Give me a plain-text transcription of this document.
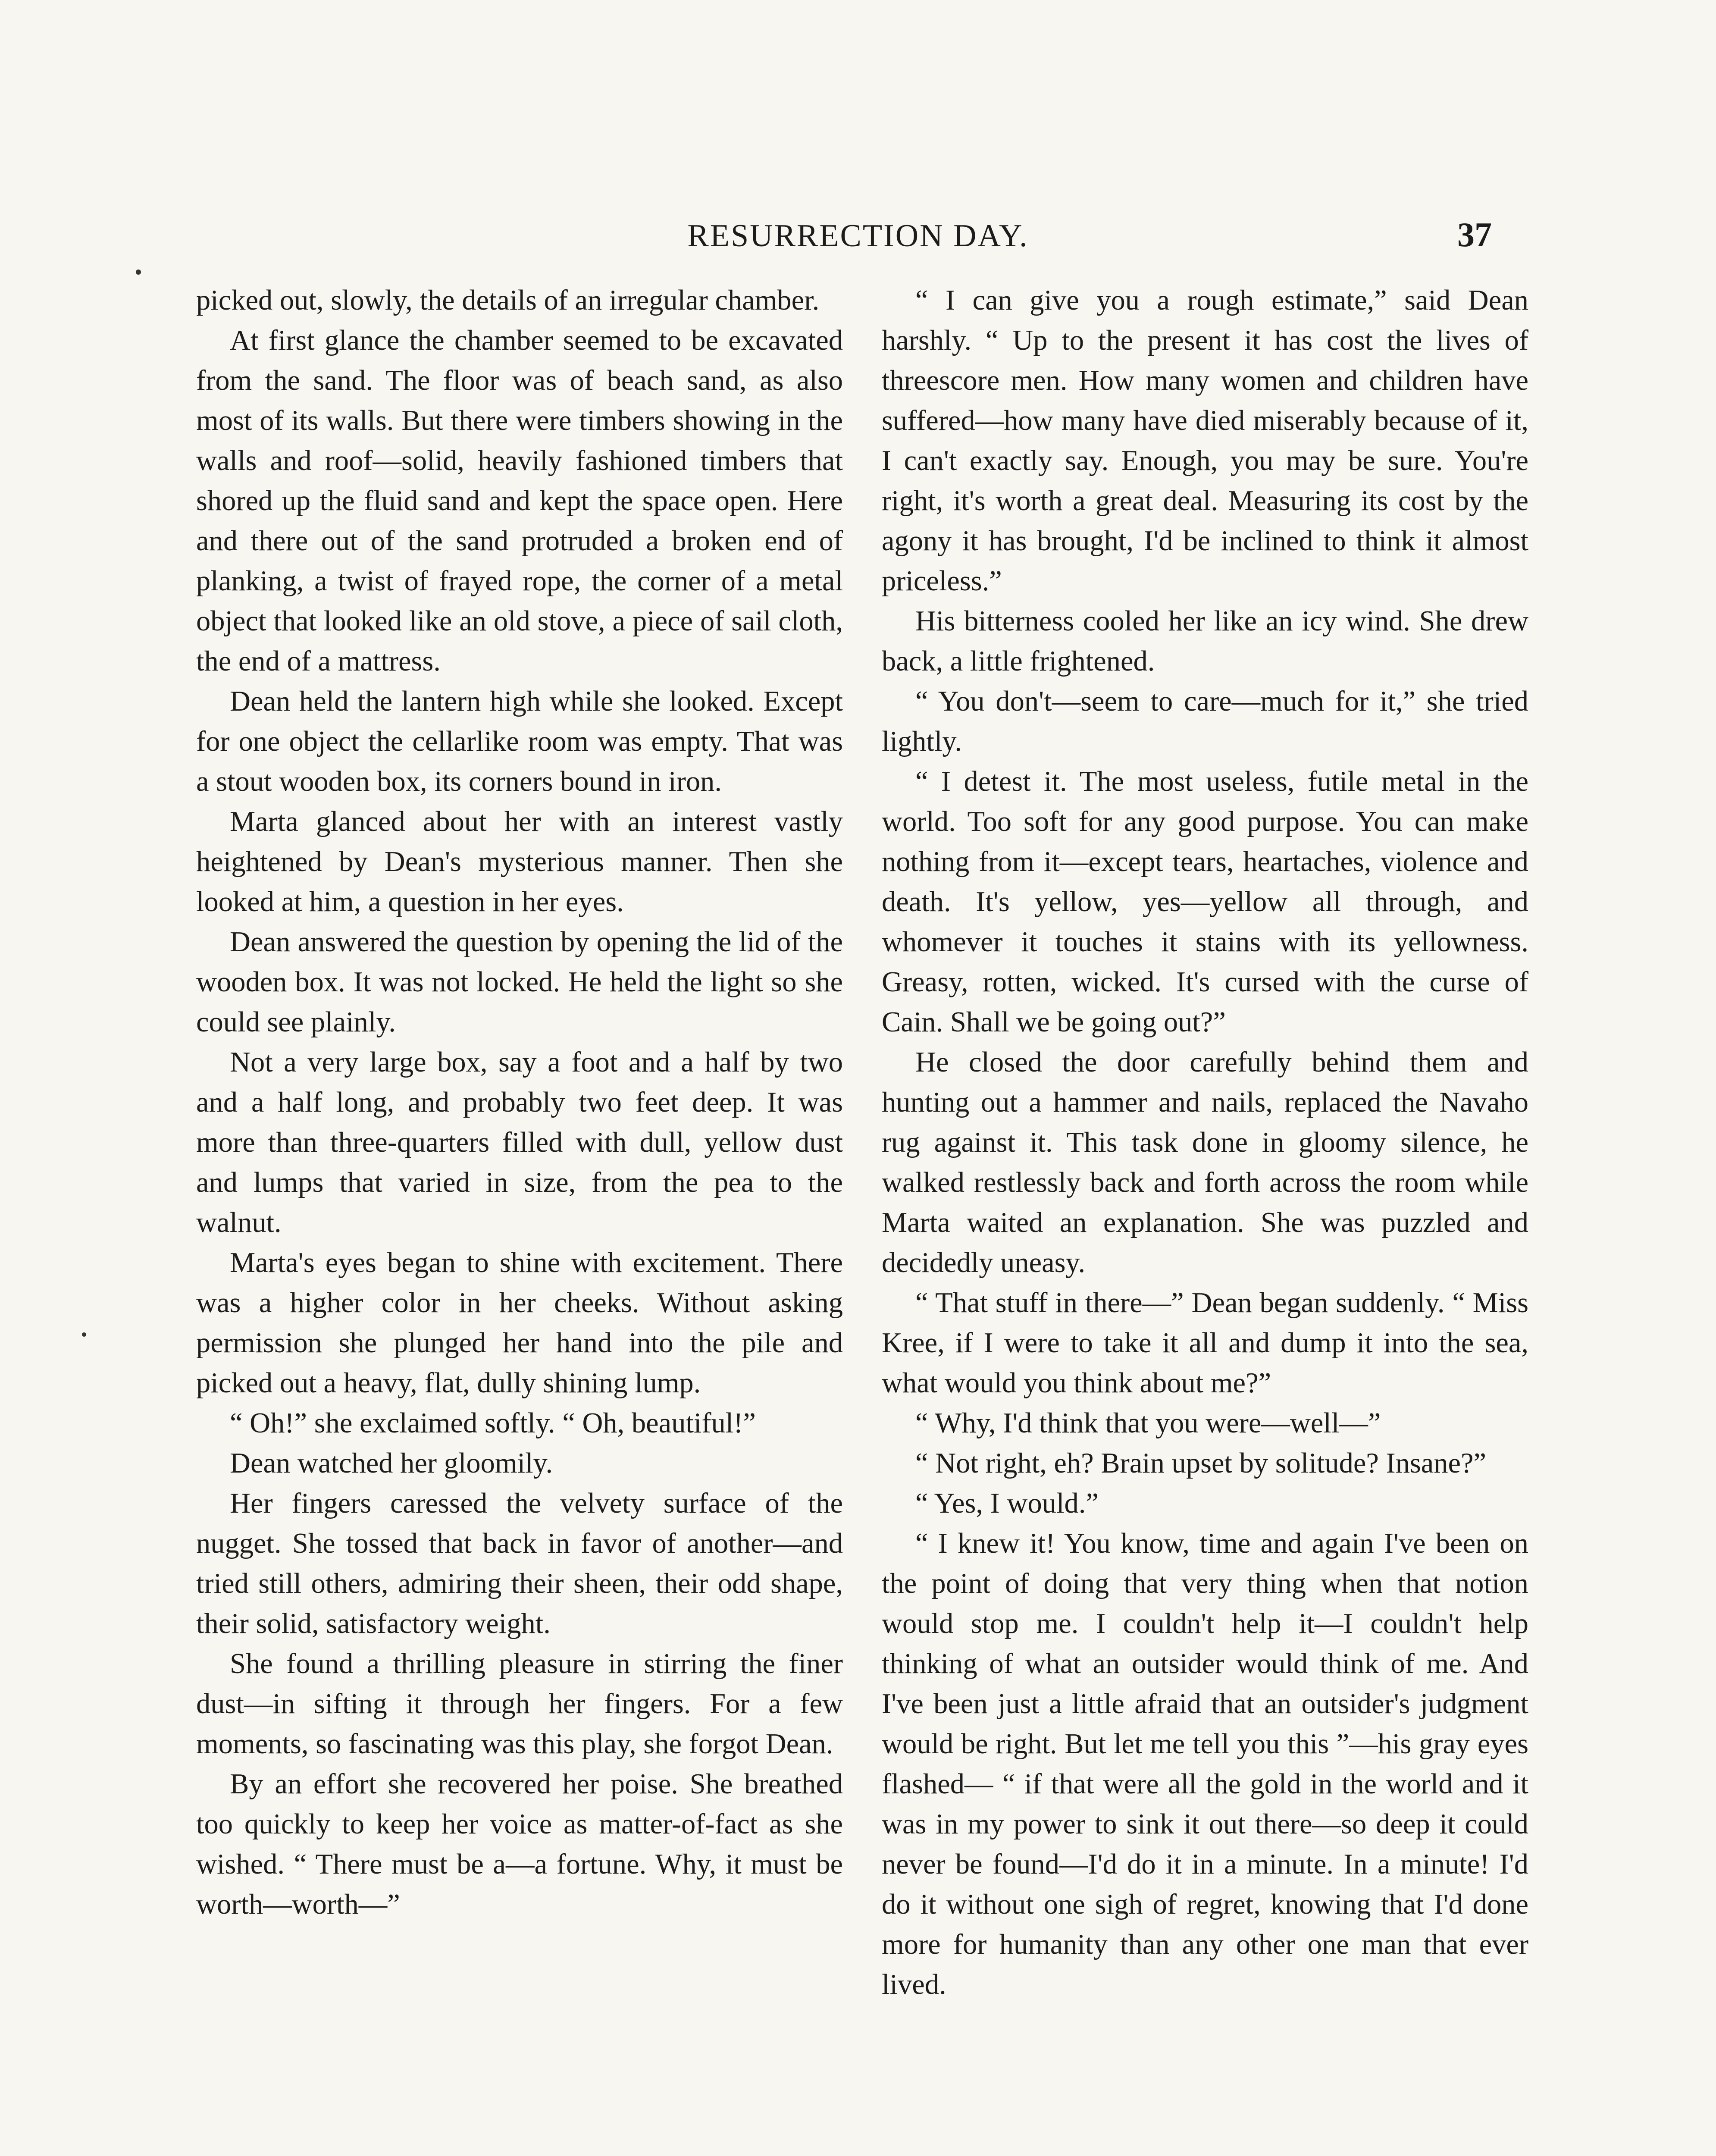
RESURRECTION DAY.	37

picked out, slowly, the details of an irregular chamber.

At first glance the chamber seemed to be excavated from the sand. The floor was of beach sand, as also most of its walls. But there were timbers showing in the walls and roof—solid, heavily fashioned timbers that shored up the fluid sand and kept the space open. Here and there out of the sand protruded a broken end of planking, a twist of frayed rope, the corner of a metal object that looked like an old stove, a piece of sail cloth, the end of a mattress.

Dean held the lantern high while she looked. Except for one object the cellarlike room was empty. That was a stout wooden box, its corners bound in iron.

Marta glanced about her with an interest vastly heightened by Dean's mysterious manner. Then she looked at him, a question in her eyes.

Dean answered the question by opening the lid of the wooden box. It was not locked. He held the light so she could see plainly.

Not a very large box, say a foot and a half by two and a half long, and probably two feet deep. It was more than three-quarters filled with dull, yellow dust and lumps that varied in size, from the pea to the walnut.

Marta's eyes began to shine with excitement. There was a higher color in her cheeks. Without asking permission she plunged her hand into the pile and picked out a heavy, flat, dully shining lump.

“ Oh!” she exclaimed softly. “ Oh, beautiful!”

Dean watched her gloomily.

Her fingers caressed the velvety surface of the nugget. She tossed that back in favor of another—and tried still others, admiring their sheen, their odd shape, their solid, satisfactory weight.

She found a thrilling pleasure in stirring the finer dust—in sifting it through her fingers. For a few moments, so fascinating was this play, she forgot Dean.

By an effort she recovered her poise. She breathed too quickly to keep her voice as matter-of-fact as she wished. “ There must be a—a fortune. Why, it must be worth—worth—”

“ I can give you a rough estimate,” said Dean harshly. “ Up to the present it has cost the lives of threescore men. How many women and children have suffered—how many have died miserably because of it, I can't exactly say. Enough, you may be sure. You're right, it's worth a great deal. Measuring its cost by the agony it has brought, I'd be inclined to think it almost priceless.”

His bitterness cooled her like an icy wind. She drew back, a little frightened.

“ You don't—seem to care—much for it,” she tried lightly.

“ I detest it. The most useless, futile metal in the world. Too soft for any good purpose. You can make nothing from it—except tears, heartaches, violence and death. It's yellow, yes—yellow all through, and whomever it touches it stains with its yellowness. Greasy, rotten, wicked. It's cursed with the curse of Cain. Shall we be going out?”

He closed the door carefully behind them and hunting out a hammer and nails, replaced the Navaho rug against it. This task done in gloomy silence, he walked restlessly back and forth across the room while Marta waited an explanation. She was puzzled and decidedly uneasy.

“ That stuff in there—” Dean began suddenly. “ Miss Kree, if I were to take it all and dump it into the sea, what would you think about me?”

“ Why, I'd think that you were—well—”

“ Not right, eh? Brain upset by solitude? Insane?”

“ Yes, I would.”

“ I knew it! You know, time and again I've been on the point of doing that very thing when that notion would stop me. I couldn't help it—I couldn't help thinking of what an outsider would think of me. And I've been just a little afraid that an outsider's judgment would be right. But let me tell you this ”—his gray eyes flashed— “ if that were all the gold in the world and it was in my power to sink it out there—so deep it could never be found—I'd do it in a minute. In a minute! I'd do it without one sigh of regret, knowing that I'd done more for humanity than any other one man that ever lived.
